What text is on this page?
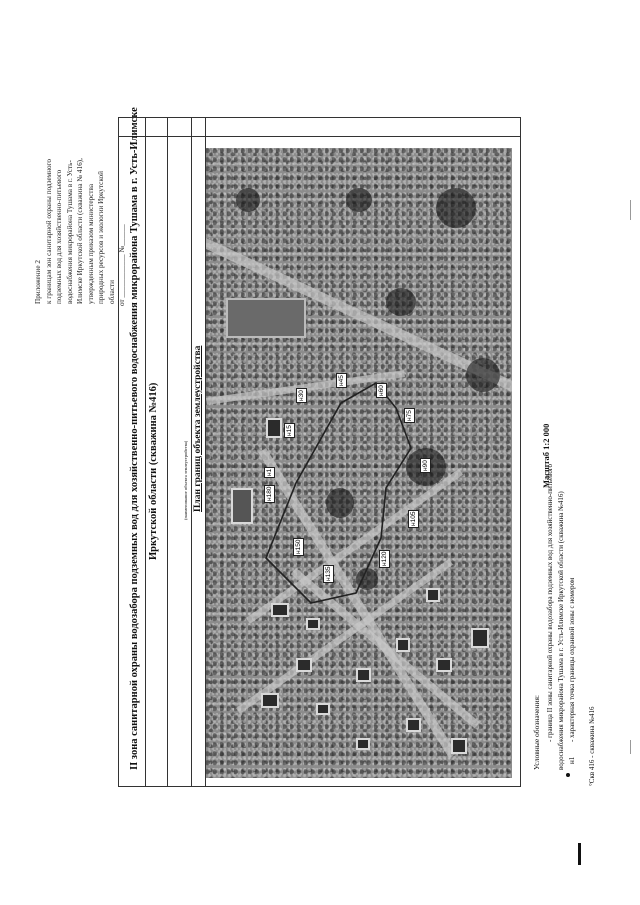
Приложение 2 к границам зон санитарной охраны подземного подземных вод для хозяйственно-питьевого водоснабжения микрорайона Тушама в г. Усть- Илимске Иркутской области (скважина № 416), утвержденным приказом министерства природных ресурсов и экологии Иркутской области от ____________ №______ II зона санитарной охраны водозабора подземных вод для хозяйственно-питьевого водоснабжения микрорайона Тушама в г. Усть-Илимске Иркутской области (скважина №416)	(наименование объекта землеустройства) План границ объекта землеустройства	н180
н1
н15
н30
н45
н60
н75
н90
н105
н120
н135
н150
Условные обозначения: - граница II зоны санитарной охраны водозабора подземных вод для хозяйственно-питьевого водоснабжения микрорайона Тушама в г. Усть-Илимске Иркутской области (скважина №416) н1
- характерная точка границы охранной зоны с номером
°Скв 416 - скважина №416
Масштаб 1:2 000
